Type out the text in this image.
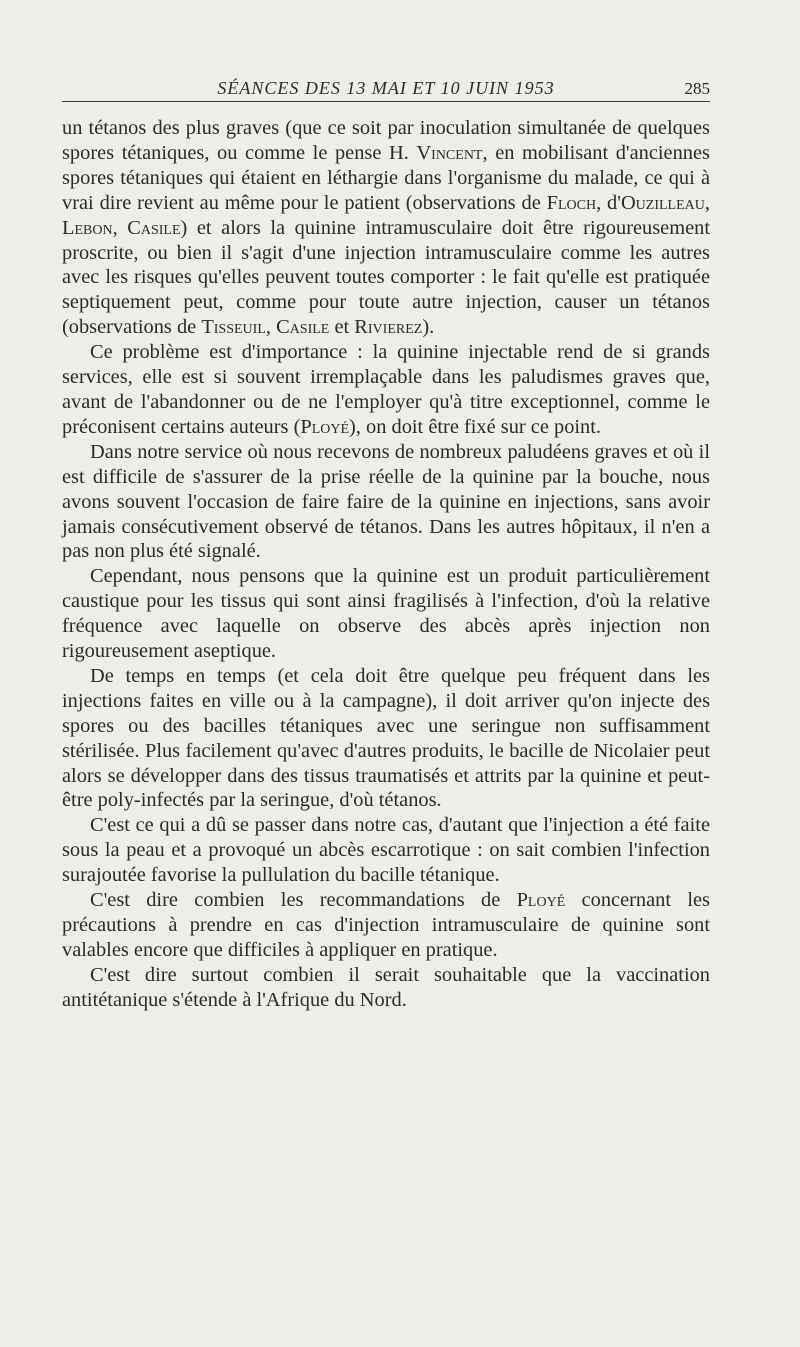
SÉANCES DES 13 MAI ET 10 JUIN 1953	285

un tétanos des plus graves (que ce soit par inoculation simultanée de quelques spores tétaniques, ou comme le pense H. Vincent, en mobilisant d'anciennes spores tétaniques qui étaient en léthargie dans l'organisme du malade, ce qui à vrai dire revient au même pour le patient (observations de Floch, d'Ouzilleau, Lebon, Casile) et alors la quinine intramusculaire doit être rigoureusement proscrite, ou bien il s'agit d'une injection intramusculaire comme les autres avec les risques qu'elles peuvent toutes comporter : le fait qu'elle est pratiquée septiquement peut, comme pour toute autre injection, causer un tétanos (observations de Tisseuil, Casile et Rivierez).

Ce problème est d'importance : la quinine injectable rend de si grands services, elle est si souvent irremplaçable dans les paludismes graves que, avant de l'abandonner ou de ne l'employer qu'à titre exceptionnel, comme le préconisent certains auteurs (Ployé), on doit être fixé sur ce point.

Dans notre service où nous recevons de nombreux paludéens graves et où il est difficile de s'assurer de la prise réelle de la quinine par la bouche, nous avons souvent l'occasion de faire faire de la quinine en injections, sans avoir jamais consécutivement observé de tétanos. Dans les autres hôpitaux, il n'en a pas non plus été signalé.

Cependant, nous pensons que la quinine est un produit particulièrement caustique pour les tissus qui sont ainsi fragilisés à l'infection, d'où la relative fréquence avec laquelle on observe des abcès après injection non rigoureusement aseptique.

De temps en temps (et cela doit être quelque peu fréquent dans les injections faites en ville ou à la campagne), il doit arriver qu'on injecte des spores ou des bacilles tétaniques avec une seringue non suffisamment stérilisée. Plus facilement qu'avec d'autres produits, le bacille de Nicolaier peut alors se développer dans des tissus traumatisés et attrits par la quinine et peut-être poly-infectés par la seringue, d'où tétanos.

C'est ce qui a dû se passer dans notre cas, d'autant que l'injection a été faite sous la peau et a provoqué un abcès escarrotique : on sait combien l'infection surajoutée favorise la pullulation du bacille tétanique.

C'est dire combien les recommandations de Ployé concernant les précautions à prendre en cas d'injection intramusculaire de quinine sont valables encore que difficiles à appliquer en pratique.

C'est dire surtout combien il serait souhaitable que la vaccination antitétanique s'étende à l'Afrique du Nord.
